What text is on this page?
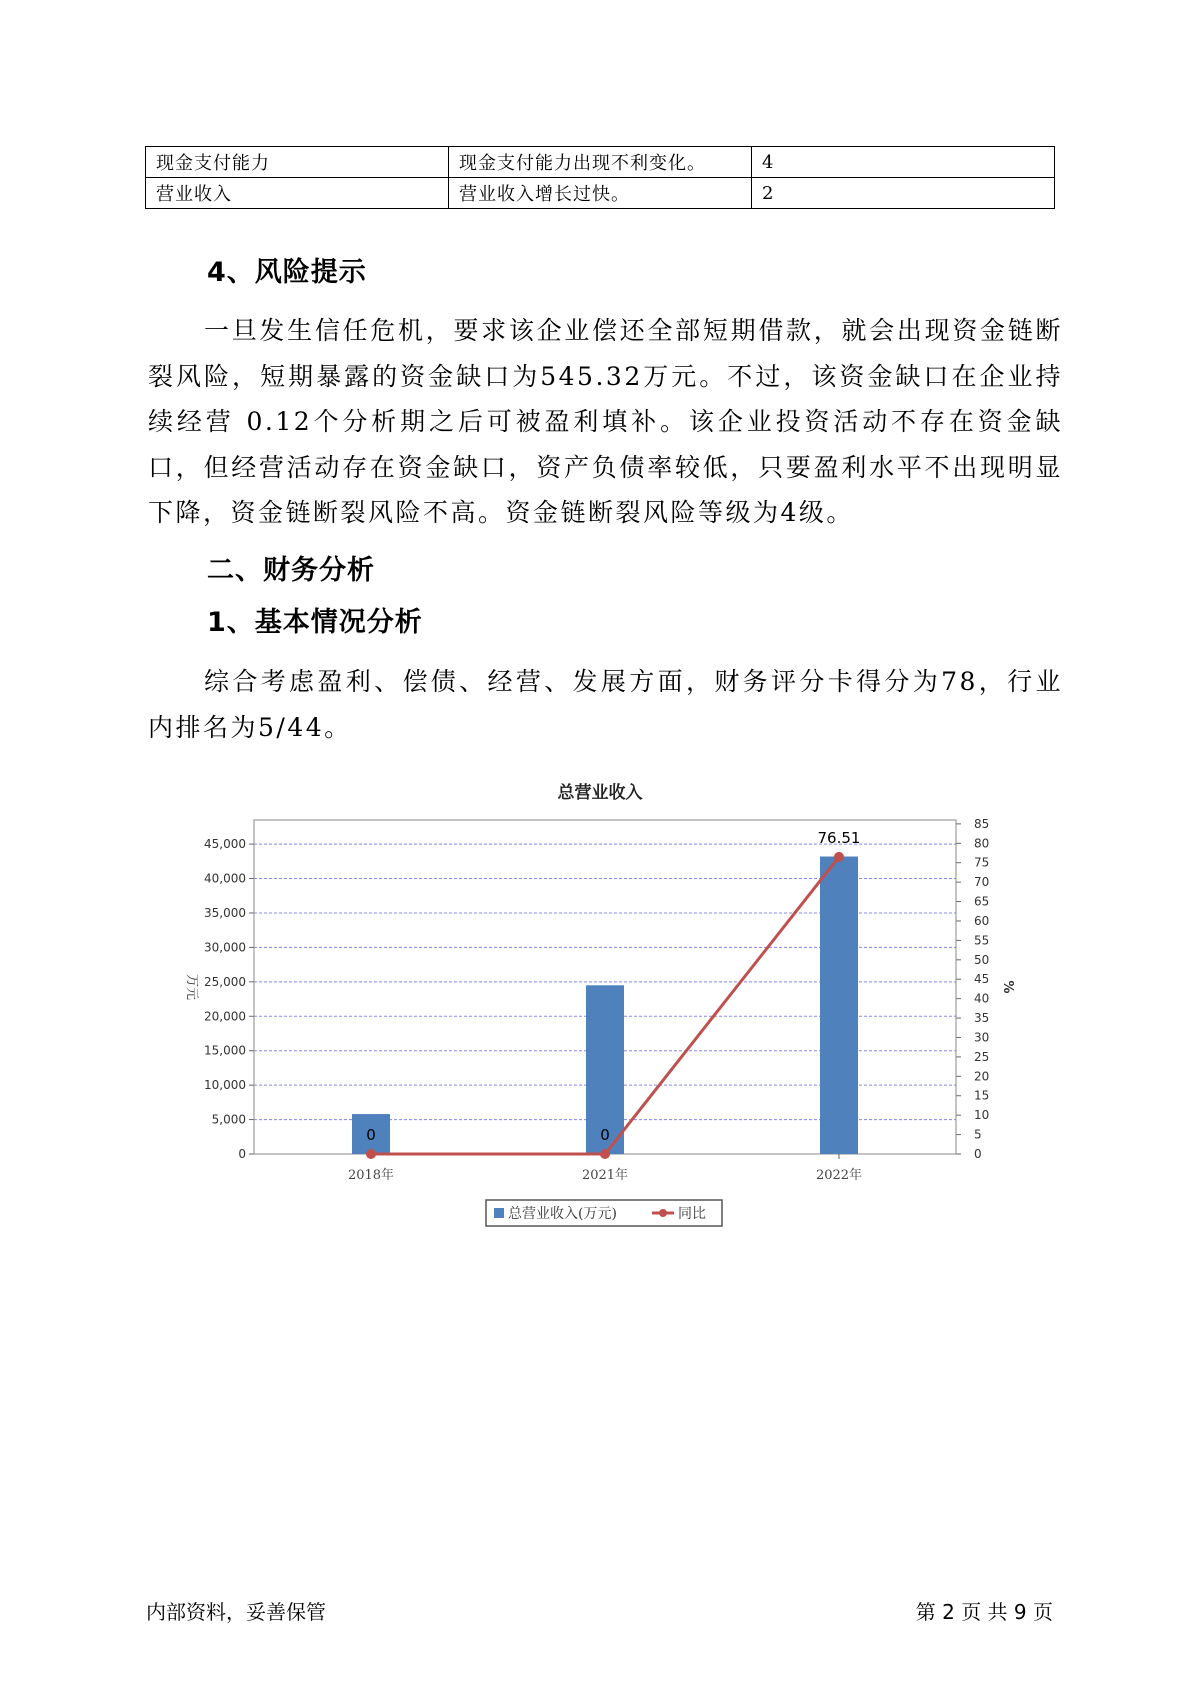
现金支付能力	现金支付能力出现不利变化。	4
营业收入	营业收入增长过快。	2
4、风险提示

一旦发生信任危机，要求该企业偿还全部短期借款，就会出现资金链断裂风险，短期暴露的资金缺口为545.32万元。不过，该资金缺口在企业持续经营 0.12个分析期之后可被盈利填补。该企业投资活动不存在资金缺口，但经营活动存在资金缺口，资产负债率较低，只要盈利水平不出现明显下降，资金链断裂风险不高。资金链断裂风险等级为4级。

二、财务分析
1、基本情况分析

综合考虑盈利、偿债、经营、发展方面，财务评分卡得分为78，行业内排名为5/44。

总营业收入
0
5,000
10,000
15,000
20,000
25,000
30,000
35,000
40,000
45,000
0
5
10
15
20
25
30
35
40
45
50
55
60
65
70
75
80
85
万元	%
2018年	2021年	2022年
0	0
76.51
总营业收入(万元)	同比
内部资料，妥善保管	第 2 页 共 9 页
